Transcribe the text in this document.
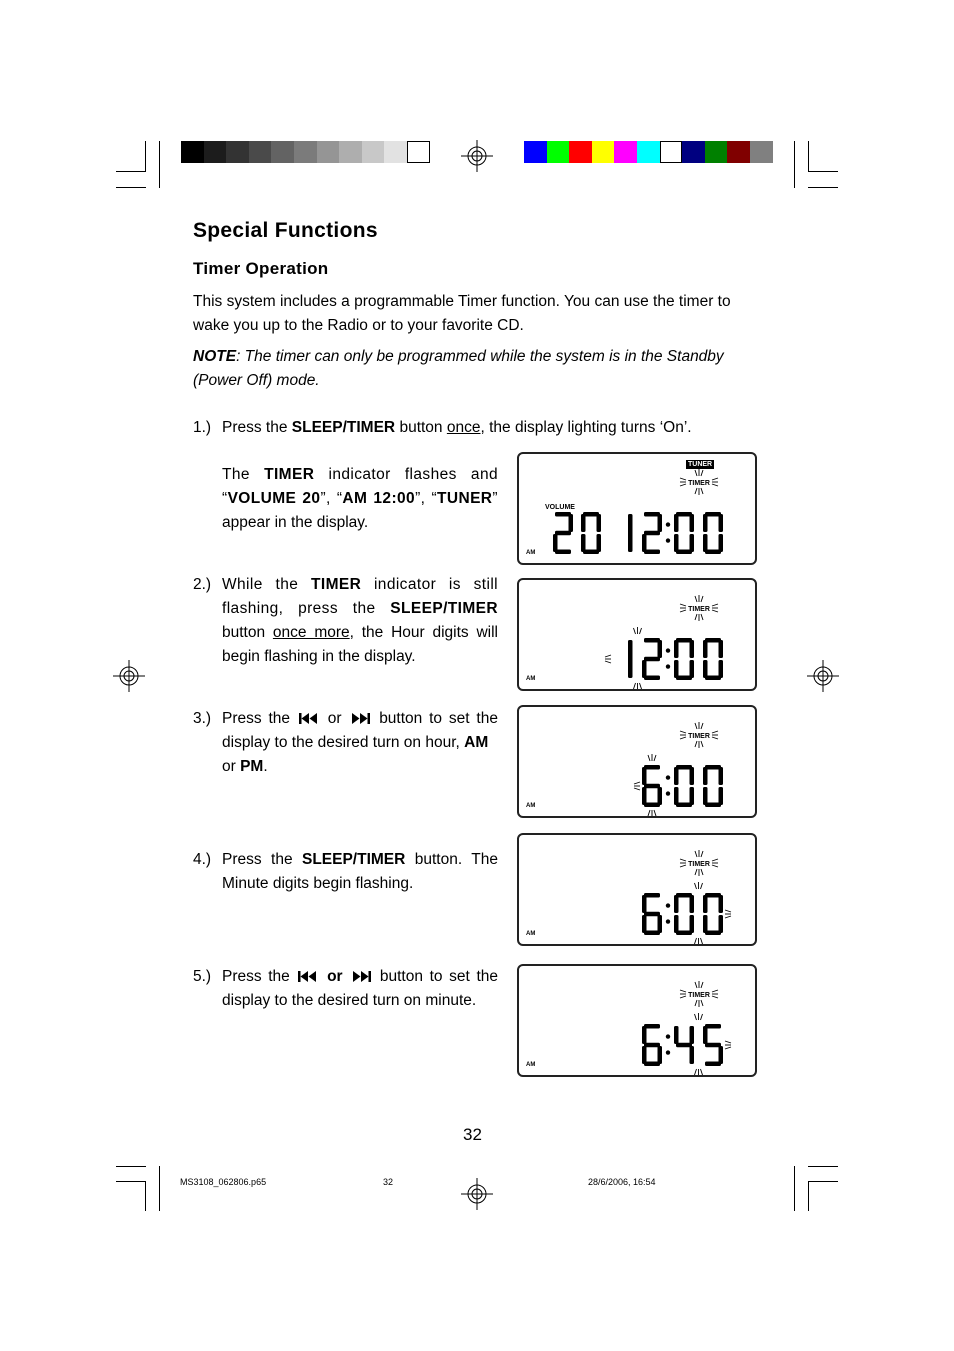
Special Functions
Timer Operation
This system includes a programmable Timer function. You can use the timer to
wake you up to the Radio or to your favorite CD.
NOTE: The timer can only be programmed while the system is in the Standby
(Power Off) mode.
1.) Press the SLEEP/TIMER button once, the display lighting turns ‘On’.
The TIMER indicator flashes and
“VOLUME 20”, “AM 12:00”, “TUNER”
appear in the display.
2.) While the TIMER indicator is still
flashing, press the SLEEP/TIMER
button once more, the Hour digits will
begin flashing in the display.
3.) Press the or button to set the
display to the desired turn on hour, AM
or PM.
4.) Press the SLEEP/TIMER button. The
Minute digits begin flashing.
5.) Press the or button to set the
display to the desired turn on minute.
TUNER
VOLUME
AM
TIMER
AM
TIMER
AM
TIMER
AM
TIMER
AM
TIMER
32
MS3108_062806.p65	32	28/6/2006, 16:54
